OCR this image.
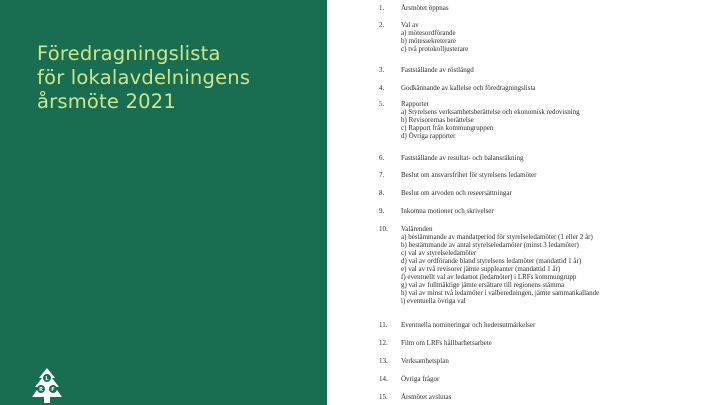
Föredragningslista
för lokalavdelningens
årsmöte 2021
L
R F
1. Årsmötet öppnas
2. Val av
a) mötesordförande
b) mötessekreterare
c) två protokolljusterare
3. Fastställande av röstlängd
4. Godkännande av kallelse och föredragningslista
5. Rapporter
a) Styrelsens verksamhetsberättelse och ekonomisk redovisning
b) Revisorernas berättelse
c) Rapport från kommungruppen
d) Övriga rapporter
6. Fastställande av resultat- och balansräkning
7. Beslut om ansvarsfrihet för styrelsens ledamöter
8. Beslut om arvoden och reseersättningar
9. Inkomna motioner och skrivelser
10. Valärenden
a) bestämmande av mandatperiod för styrelseledamöter (1 eller 2 år)
b) bestämmande av antal styrelseledamöter (minst 3 ledamöter)
c) val av styrelseledamöter
d) val av ordförande bland styrelsens ledamöter (mandattid 1 år)
e) val av två revisorer jämte suppleanter (mandattid 1 år)
f) eventuellt val av ledamot (ledamöter) i LRFs kommungrupp
g) val av fullmäktige jämte ersättare till regionens stämma
h) val av minst två ledamöter i valberedningen, jämte sammankallande
i) eventuella övriga val
11. Eventuella nomineringar och hedersutmärkelser
12. Film om LRFs hållbarhetsarbete
13. Verksamhetsplan
14. Övriga frågor
15. Årsmötet avslutas
